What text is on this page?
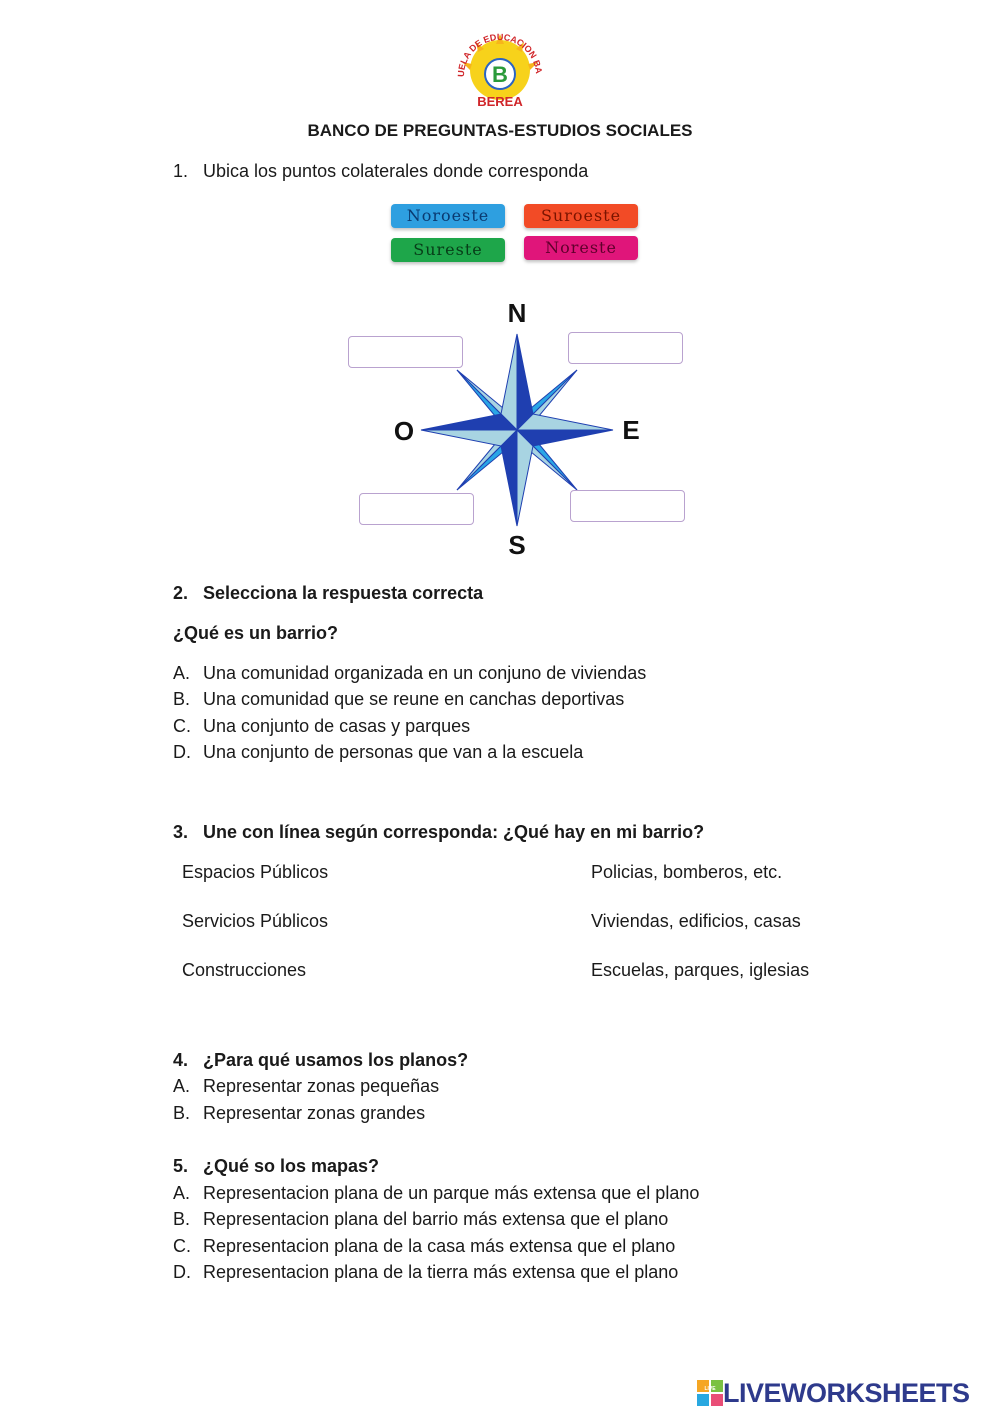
UELA DE EDUCACION BA
B
BEREA
BANCO DE PREGUNTAS-ESTUDIOS SOCIALES
1. Ubica los puntos colaterales donde corresponda
Noroeste	Suroeste
Sureste	Noreste
N
S
E
O
2. Selecciona la respuesta correcta
¿Qué es un barrio?
A. Una comunidad organizada en un conjuno de viviendas
B. Una comunidad que se reune en canchas deportivas
C. Una conjunto de casas y parques
D. Una conjunto de personas que van a la escuela
3. Une con línea según corresponda: ¿Qué hay en mi barrio?
Espacios Públicos
Servicios Públicos
Construcciones
Policias, bomberos, etc.
Viviendas, edificios, casas
Escuelas, parques, iglesias
4. ¿Para qué usamos los planos?
A. Representar zonas pequeñas
B. Representar zonas grandes
5. ¿Qué so los mapas?
A. Representacion plana de un parque más extensa que el plano
B. Representacion plana del barrio más extensa que el plano
C. Representacion plana de la casa más extensa que el plano
D. Representacion plana de la tierra más extensa que el plano
LIVE LIVEWORKSHEETS
